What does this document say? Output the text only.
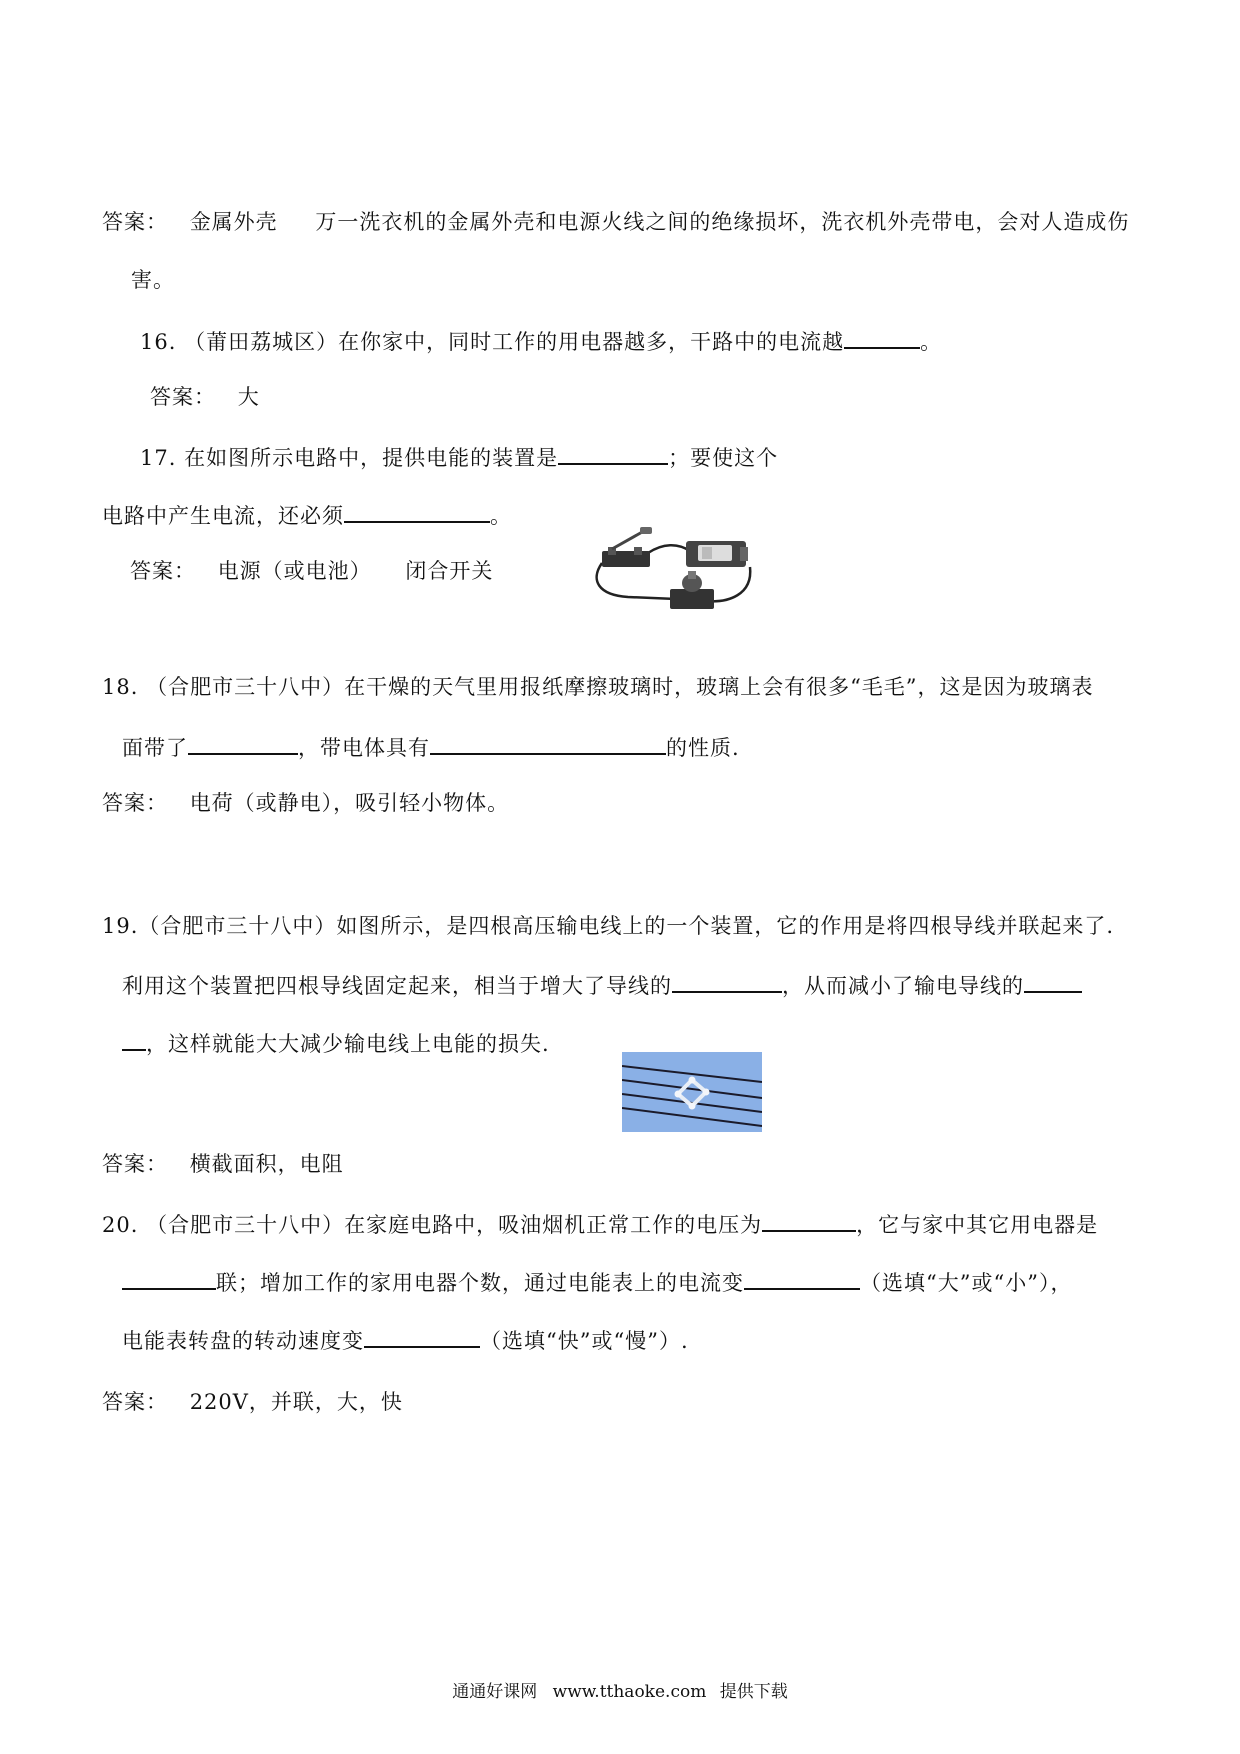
答案： 金属外壳 万一洗衣机的金属外壳和电源火线之间的绝缘损坏，洗衣机外壳带电，会对人造成伤
害。
16. （莆田荔城区）在你家中，同时工作的用电器越多，干路中的电流越	。
答案： 大
17. 在如图所示电路中，提供电能的装置是	；要使这个
电路中产生电流，还必须	。
答案： 电源（或电池） 闭合开关
18. （合肥市三十八中）在干燥的天气里用报纸摩擦玻璃时，玻璃上会有很多“毛毛”，这是因为玻璃表
面带了	，带电体具有	的性质.
答案： 电荷（或静电），吸引轻小物体。
19.（合肥市三十八中）如图所示，是四根高压输电线上的一个装置，它的作用是将四根导线并联起来了.
利用这个装置把四根导线固定起来，相当于增大了导线的	，从而减小了输电导线的
，这样就能大大减少输电线上电能的损失.
答案： 横截面积，电阻
20. （合肥市三十八中）在家庭电路中，吸油烟机正常工作的电压为	，它与家中其它用电器是
联；增加工作的家用电器个数，通过电能表上的电流变	（选填“大”或“小”），
电能表转盘的转动速度变	（选填“快”或“慢”）.
答案： 220V，并联，大，快
通通好课网 www.tthaoke.com 提供下载
